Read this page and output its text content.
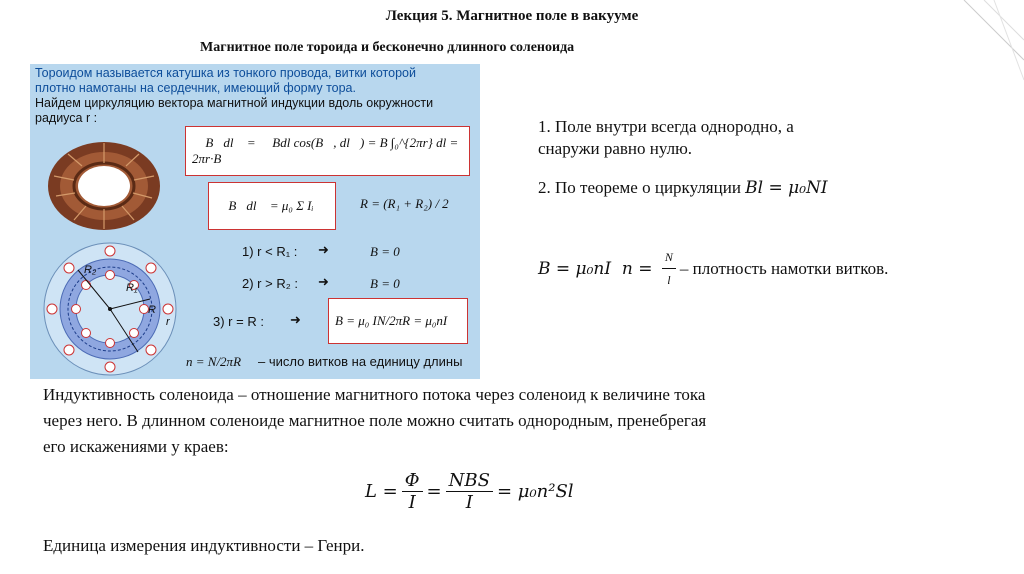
Лекция 5. Магнитное поле в вакууме
Магнитное поле тороида и бесконечно длинного соленоида
Тороидом называется катушка из тонкого провода, витки которой
плотно намотаны на сердечник, имеющий форму тора.
Найдем циркуляцию вектора магнитной индукции вдоль окружности
радиуса r :
R₁
R₂
R
r
∮ B⃗dl⃗ = ∮ Bdl cos(B⃗, dl⃗) = B ∫₀^{2πr} dl = 2πr·B
∮ B⃗dl⃗ = μ₀ Σ Iᵢ	R = (R₁ + R₂) / 2
1) r < R₁ : ➜	B = 0
2) r > R₂ : ➜	B = 0
3) r = R : ➜	B = μ₀ IN/2πR = μ₀nI
n = N/2πR – число витков на единицу длины
1. Поле внутри всегда однородно, а
снаружи равно нулю.
2. По теореме о циркуляции Bl = μ₀NI
B = μ₀nI  $n = \frac{N}{l}$ – плотность намотки витков.
Индуктивность соленоида – отношение магнитного потока через соленоид к величине тока
через него. В длинном соленоиде магнитное поле можно считать однородным, пренебрегая
его искажениями у краев:
$L = \frac{\Phi}{I} = \frac{\text{NBS}}{I} = \mu_0n^2Sl$
Единица измерения индуктивности – Генри.
